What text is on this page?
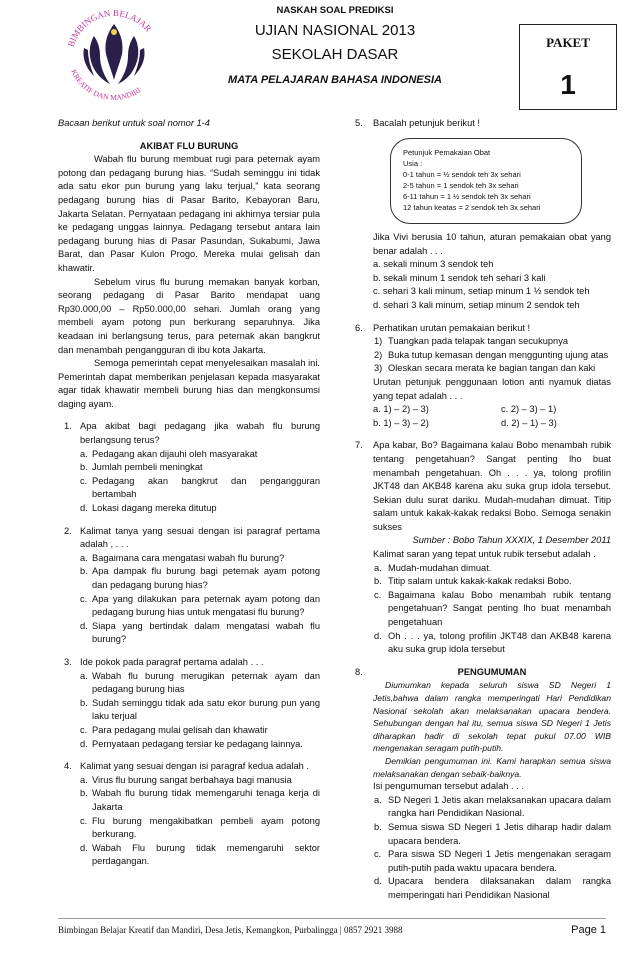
BIMBINGAN BELAJAR
KREATIF DAN MANDIRI
NASKAH SOAL PREDIKSI
UJIAN NASIONAL 2013
SEKOLAH DASAR
MATA PELAJARAN BAHASA INDONESIA
PAKET
1
Bacaan berikut untuk soal nomor 1-4
AKIBAT FLU BURUNG
Wabah flu burung membuat rugi para peternak ayam potong dan pedagang burung hias. “Sudah seminggu ini tidak ada satu ekor pun burung yang laku terjual,” kata seorang pedagang burung hias di Pasar Barito, Kebayoran Baru, Jakarta Selatan. Pernyataan pedagang ini akhirnya tersiar pula ke pedagang unggas lainnya. Pedagang tersebut antara lain pedagang burung hias di Pasar Pasundan, Sukabumi, Jawa Barat, dan Pasar Kulon Progo. Mereka mulai gelisah dan khawatir.
Sebelum virus flu burung memakan banyak korban, seorang pedagang di Pasar Barito mendapat uang Rp30.000,00 – Rp50.000,00 sehari. Jumlah orang yang membeli ayam potong pun berkurang separuhnya. Jika keadaan ini berlangsung terus, para peternak akan bangkrut dan menambah pengangguran di ibu kota Jakarta.
Semoga pemerintah cepat menyelesaikan masalah ini. Pemerintah dapat memberikan penjelasan kepada masyarakat agar tidak khawatir membeli burung hias dan mengkonsumsi daging ayam.
1. Apa akibat bagi pedagang jika wabah flu burung berlangsung terus?
a. Pedagang akan dijauhi oleh masyarakat
b. Jumlah pembeli meningkat
c. Pedagang akan bangkrut dan pengangguran bertambah
d. Lokasi dagang mereka ditutup
2. Kalimat tanya yang sesuai dengan isi paragraf pertama adalah , . . .
a. Bagaimana cara mengatasi wabah flu burung?
b. Apa dampak flu burung bagi peternak ayam potong dan pedagang burung hias?
c. Apa yang dilakukan para peternak ayam potong dan pedagang burung hias untuk mengatasi flu burung?
d. Siapa yang bertindak dalam mengatasi wabah flu burung?
3. Ide pokok pada paragraf pertama adalah . . .
a. Wabah flu burung merugikan peternak ayam dan pedagang burung hias
b. Sudah seminggu tidak ada satu ekor burung pun yang laku terjual
c. Para pedagang mulai gelisah dan khawatir
d. Pernyataan pedagang tersiar ke pedagang lainnya.
4. Kalimat yang sesuai dengan isi paragraf kedua adalah .
a. Virus flu burung sangat berbahaya bagi manusia
b. Wabah flu burung tidak memengaruhi tenaga kerja di Jakarta
c. Flu burung mengakibatkan pembeli ayam potong berkurang.
d. Wabah Flu burung tidak memengaruhi sektor perdagangan.
5. Bacalah petunjuk berikut !
Petunjuk Pemakaian Obat
Usia :
0-1 tahun = ½ sendok teh 3x sehari
2-5 tahun = 1 sendok teh 3x sehari
6-11 tahun = 1 ½ sendok teh 3x sehari
12 tahun keatas = 2 sendok teh 3x sehari
Jika Vivi berusia 10 tahun, aturan pemakaian obat yang benar adalah . . .
a. sekali minum 3 sendok teh
b. sekali minum 1 sendok teh sehari 3 kali
c. sehari 3 kali minum, setiap minum 1 ½ sendok teh
d. sehari 3 kali minum, setiap minum 2 sendok teh
6. Perhatikan urutan pemakaian berikut !
1) Tuangkan pada telapak tangan secukupnya
2) Buka tutup kemasan dengan menggunting ujung atas
3) Oleskan secara merata ke bagian tangan dan kaki
Urutan petunjuk penggunaan lotion anti nyamuk diatas yang tepat adalah . . .
a. 1) – 2) – 3)	c. 2) – 3) – 1)
b. 1) – 3) – 2)	d. 2) – 1) – 3)
7. Apa kabar, Bo? Bagaimana kalau Bobo menambah rubik tentang pengetahuan? Sangat penting lho buat menambah pengetahuan. Oh . . . ya, tolong profilin JKT48 dan AKB48 karena aku suka grup idola tersebut. Sekian dulu surat dariku. Mudah-mudahan dimuat. Titip salam untuk kakak-kakak redaksi Bobo. Semoga senakin sukses
Sumber : Bobo Tahun XXXIX, 1 Desember 2011
Kalimat saran yang tepat untuk rubik tersebut adalah .
a. Mudah-mudahan dimuat.
b. Titip salam untuk kakak-kakak redaksi Bobo.
c. Bagaimana kalau Bobo menambah rubik tentang pengetahuan? Sangat penting lho buat menambah pengetahuan
d. Oh . . . ya, tolong profilin JKT48 dan AKB48 karena aku suka grup idola tersebut
8.	PENGUMUMAN
Diumumkan kepada seluruh siswa SD Negeri 1 Jetis,bahwa dalam rangka memperingati Hari Pendidikan Nasional sekolah akan melaksanakan upacara bendera. Sehubungan dengan hal itu, semua siswa SD Negeri 1 Jetis diharapkan hadir di sekolah tepat pukul 07.00 WIB mengenakan seragam putih-putih.
Demikian pengumuman ini. Kami harapkan semua siswa melaksanakan dengan sebaik-baiknya.
Isi pengumuman tersebut adalah . . .
a. SD Negeri 1 Jetis akan melaksanakan upacara dalam rangka hari Pendidikan Nasional.
b. Semua siswa SD Negeri 1 Jetis diharap hadir dalam upacara bendera.
c. Para siswa SD Negeri 1 Jetis mengenakan seragam putih-putih pada waktu upacara bendera.
d. Upacara bendera dilaksanakan dalam rangka memperingati hari Pendidikan Nasional
Bimbingan Belajar Kreatif dan Mandiri, Desa Jetis, Kemangkon, Purbalingga | 0857 2921 3988	Page 1
